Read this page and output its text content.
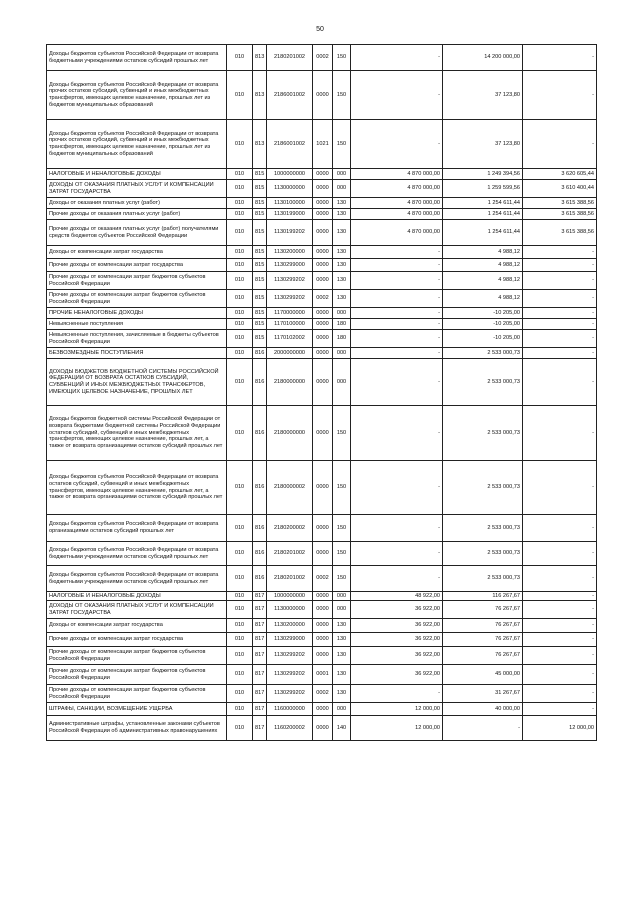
50
Доходы бюджетов субъектов Российской Федерации от возврата бюджетными учреждениями остатков субсидий прошлых лет	010	813	2180201002	0002	150	-	14 200 000,00	-
Доходы бюджетов субъектов Российской Федерации от возврата прочих остатков субсидий, субвенций и иных межбюджетных трансфертов, имеющих целевое назначение, прошлых лет из бюджетов муниципальных образований	010	813	2186001002	0000	150	-	37 123,80	-
Доходы бюджетов субъектов Российской Федерации от возврата прочих остатков субсидий, субвенций и иных межбюджетных трансфертов, имеющих целевое назначение, прошлых лет из бюджетов муниципальных образований	010	813	2186001002	1021	150	-	37 123,80	-
НАЛОГОВЫЕ И НЕНАЛОГОВЫЕ ДОХОДЫ	010	815	1000000000	0000	000	4 870 000,00	1 249 394,56	3 620 605,44
ДОХОДЫ ОТ ОКАЗАНИЯ ПЛАТНЫХ УСЛУГ И КОМПЕНСАЦИИ ЗАТРАТ ГОСУДАРСТВА	010	815	1130000000	0000	000	4 870 000,00	1 259 599,56	3 610 400,44
Доходы от оказания платных услуг (работ)	010	815	1130100000	0000	130	4 870 000,00	1 254 611,44	3 615 388,56
Прочие доходы от оказания платных услуг (работ)	010	815	1130199000	0000	130	4 870 000,00	1 254 611,44	3 615 388,56
Прочие доходы от оказания платных услуг (работ) получателями средств бюджетов субъектов Российской Федерации	010	815	1130199202	0000	130	4 870 000,00	1 254 611,44	3 615 388,56
Доходы от компенсации затрат государства	010	815	1130200000	0000	130	-	4 988,12	-
Прочие доходы от компенсации затрат государства	010	815	1130299000	0000	130	-	4 988,12	-
Прочие доходы от компенсации затрат бюджетов субъектов Российской Федерации	010	815	1130299202	0000	130	-	4 988,12	-
Прочие доходы от компенсации затрат бюджетов субъектов Российской Федерации	010	815	1130299202	0002	130	-	4 988,12	-
ПРОЧИЕ НЕНАЛОГОВЫЕ ДОХОДЫ	010	815	1170000000	0000	000	-	-10 205,00	-
Невыясненные поступления	010	815	1170100000	0000	180	-	-10 205,00	-
Невыясненные поступления, зачисляемые в бюджеты субъектов Российской Федерации	010	815	1170102002	0000	180	-	-10 205,00	-
БЕЗВОЗМЕЗДНЫЕ ПОСТУПЛЕНИЯ	010	816	2000000000	0000	000	-	2 533 000,73	-
ДОХОДЫ БЮДЖЕТОВ БЮДЖЕТНОЙ СИСТЕМЫ РОССИЙСКОЙ ФЕДЕРАЦИИ ОТ ВОЗВРАТА ОСТАТКОВ СУБСИДИЙ, СУБВЕНЦИЙ И ИНЫХ МЕЖБЮДЖЕТНЫХ ТРАНСФЕРТОВ, ИМЕЮЩИХ ЦЕЛЕВОЕ НАЗНАЧЕНИЕ, ПРОШЛЫХ ЛЕТ	010	816	2180000000	0000	000	-	2 533 000,73	-
Доходы бюджетов бюджетной системы Российской Федерации от возврата бюджетами бюджетной системы Российской Федерации остатков субсидий, субвенций и иных межбюджетных трансфертов, имеющих целевое назначение, прошлых лет, а также от возврата организациями остатков субсидий прошлых лет	010	816	2180000000	0000	150	-	2 533 000,73	-
Доходы бюджетов субъектов Российской Федерации от возврата остатков субсидий, субвенций и иных межбюджетных трансфертов, имеющих целевое назначение, прошлых лет, а также от возврата организациями остатков субсидий прошлых лет	010	816	2180000002	0000	150	-	2 533 000,73	-
Доходы бюджетов субъектов Российской Федерации от возврата организациями остатков субсидий прошлых лет	010	816	2180200002	0000	150	-	2 533 000,73	-
Доходы бюджетов субъектов Российской Федерации от возврата бюджетными учреждениями остатков субсидий прошлых лет	010	816	2180201002	0000	150	-	2 533 000,73	-
Доходы бюджетов субъектов Российской Федерации от возврата бюджетными учреждениями остатков субсидий прошлых лет	010	816	2180201002	0002	150	-	2 533 000,73	-
НАЛОГОВЫЕ И НЕНАЛОГОВЫЕ ДОХОДЫ	010	817	1000000000	0000	000	48 922,00	116 267,67	-
ДОХОДЫ ОТ ОКАЗАНИЯ ПЛАТНЫХ УСЛУГ И КОМПЕНСАЦИИ ЗАТРАТ ГОСУДАРСТВА	010	817	1130000000	0000	000	36 922,00	76 267,67	-
Доходы от компенсации затрат государства	010	817	1130200000	0000	130	36 922,00	76 267,67	-
Прочие доходы от компенсации затрат государства	010	817	1130299000	0000	130	36 922,00	76 267,67	-
Прочие доходы от компенсации затрат бюджетов субъектов Российской Федерации	010	817	1130299202	0000	130	36 922,00	76 267,67	-
Прочие доходы от компенсации затрат бюджетов субъектов Российской Федерации	010	817	1130299202	0001	130	36 922,00	45 000,00	-
Прочие доходы от компенсации затрат бюджетов субъектов Российской Федерации	010	817	1130299202	0002	130	-	31 267,67	-
ШТРАФЫ, САНКЦИИ, ВОЗМЕЩЕНИЕ УЩЕРБА	010	817	1160000000	0000	000	12 000,00	40 000,00	-
Административные штрафы, установленные законами субъектов Российской Федерации об административных правонарушениях	010	817	1160200002	0000	140	12 000,00	-	12 000,00
